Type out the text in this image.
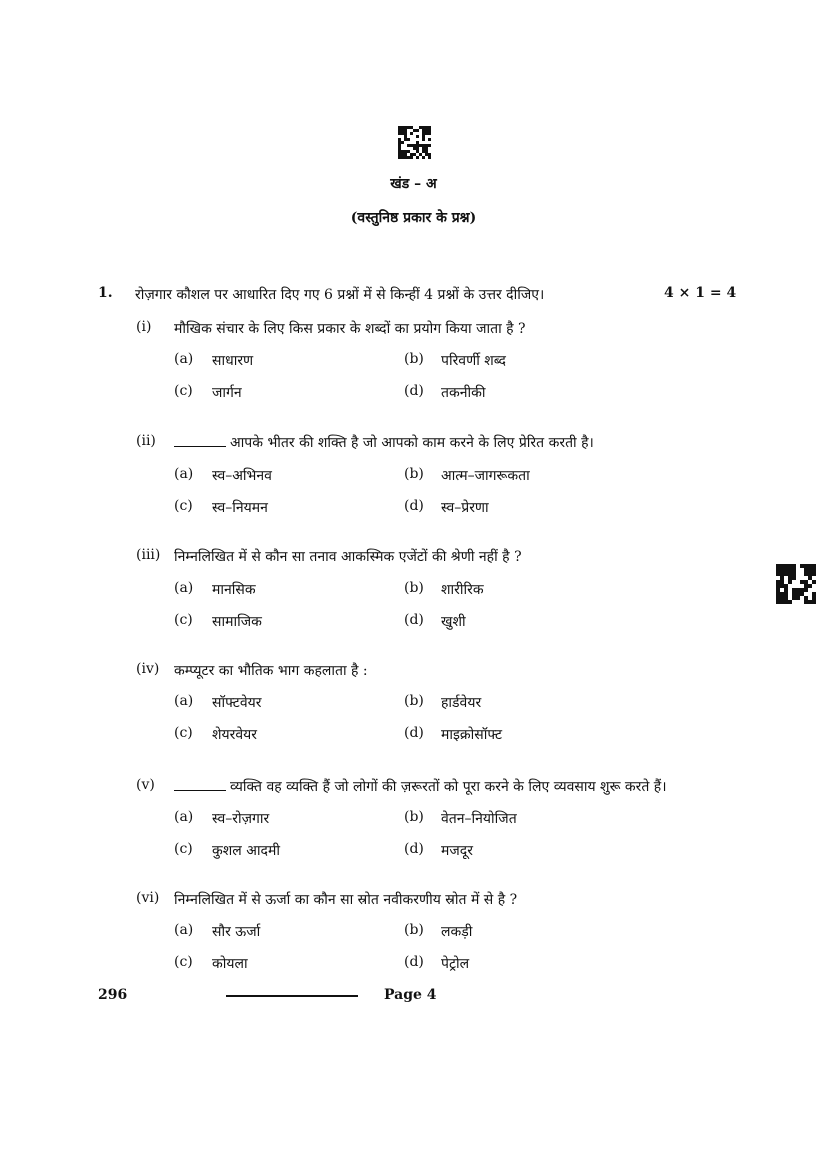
खंड – अ
(वस्तुनिष्ठ प्रकार के प्रश्न)
1. रोज़गार कौशल पर आधारित दिए गए 6 प्रश्नों में से किन्हीं 4 प्रश्नों के उत्तर दीजिए।	4 × 1 = 4
(i) मौखिक संचार के लिए किस प्रकार के शब्दों का प्रयोग किया जाता है ?
(a) साधारण	(b) परिवर्णी शब्द
(c) जार्गन	(d) तकनीकी
(ii)	आपके भीतर की शक्ति है जो आपको काम करने के लिए प्रेरित करती है।
(a) स्व–अभिनव	(b) आत्म–जागरूकता
(c) स्व–नियमन	(d) स्व–प्रेरणा
(iii) निम्नलिखित में से कौन सा तनाव आकस्मिक एजेंटों की श्रेणी नहीं है ?
(a) मानसिक	(b) शारीरिक
(c) सामाजिक	(d) खुशी
(iv) कम्प्यूटर का भौतिक भाग कहलाता है :
(a) सॉफ्टवेयर	(b) हार्डवेयर
(c) शेयरवेयर	(d) माइक्रोसॉफ्ट
(v)	व्यक्ति वह व्यक्ति हैं जो लोगों की ज़रूरतों को पूरा करने के लिए व्यवसाय शुरू करते हैं।
(a) स्व–रोज़गार	(b) वेतन–नियोजित
(c) कुशल आदमी	(d) मजदूर
(vi) निम्नलिखित में से ऊर्जा का कौन सा स्रोत नवीकरणीय स्रोत में से है ?
(a) सौर ऊर्जा	(b) लकड़ी
(c) कोयला	(d) पेट्रोल
296	Page 4
